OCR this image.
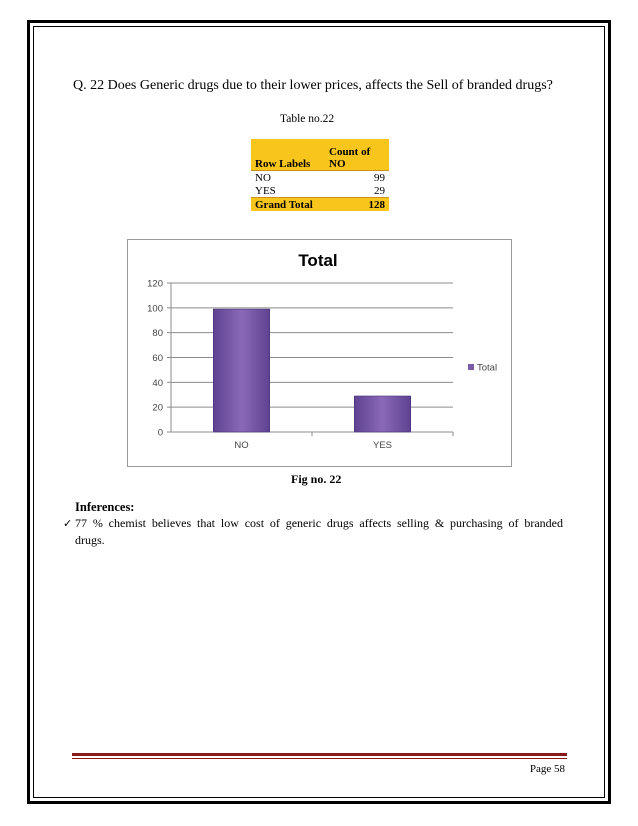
Q. 22 Does Generic drugs due to their lower prices, affects the Sell of branded drugs?
Table no.22
Row Labels	Count of NO
NO	99
YES	29
Grand Total	128
Total
0
20
40
60
80
100
120
NO	YES
Total
Fig no. 22
Inferences:
✓ 77 % chemist believes that low cost of generic drugs affects selling & purchasing of branded drugs.
Page 58
